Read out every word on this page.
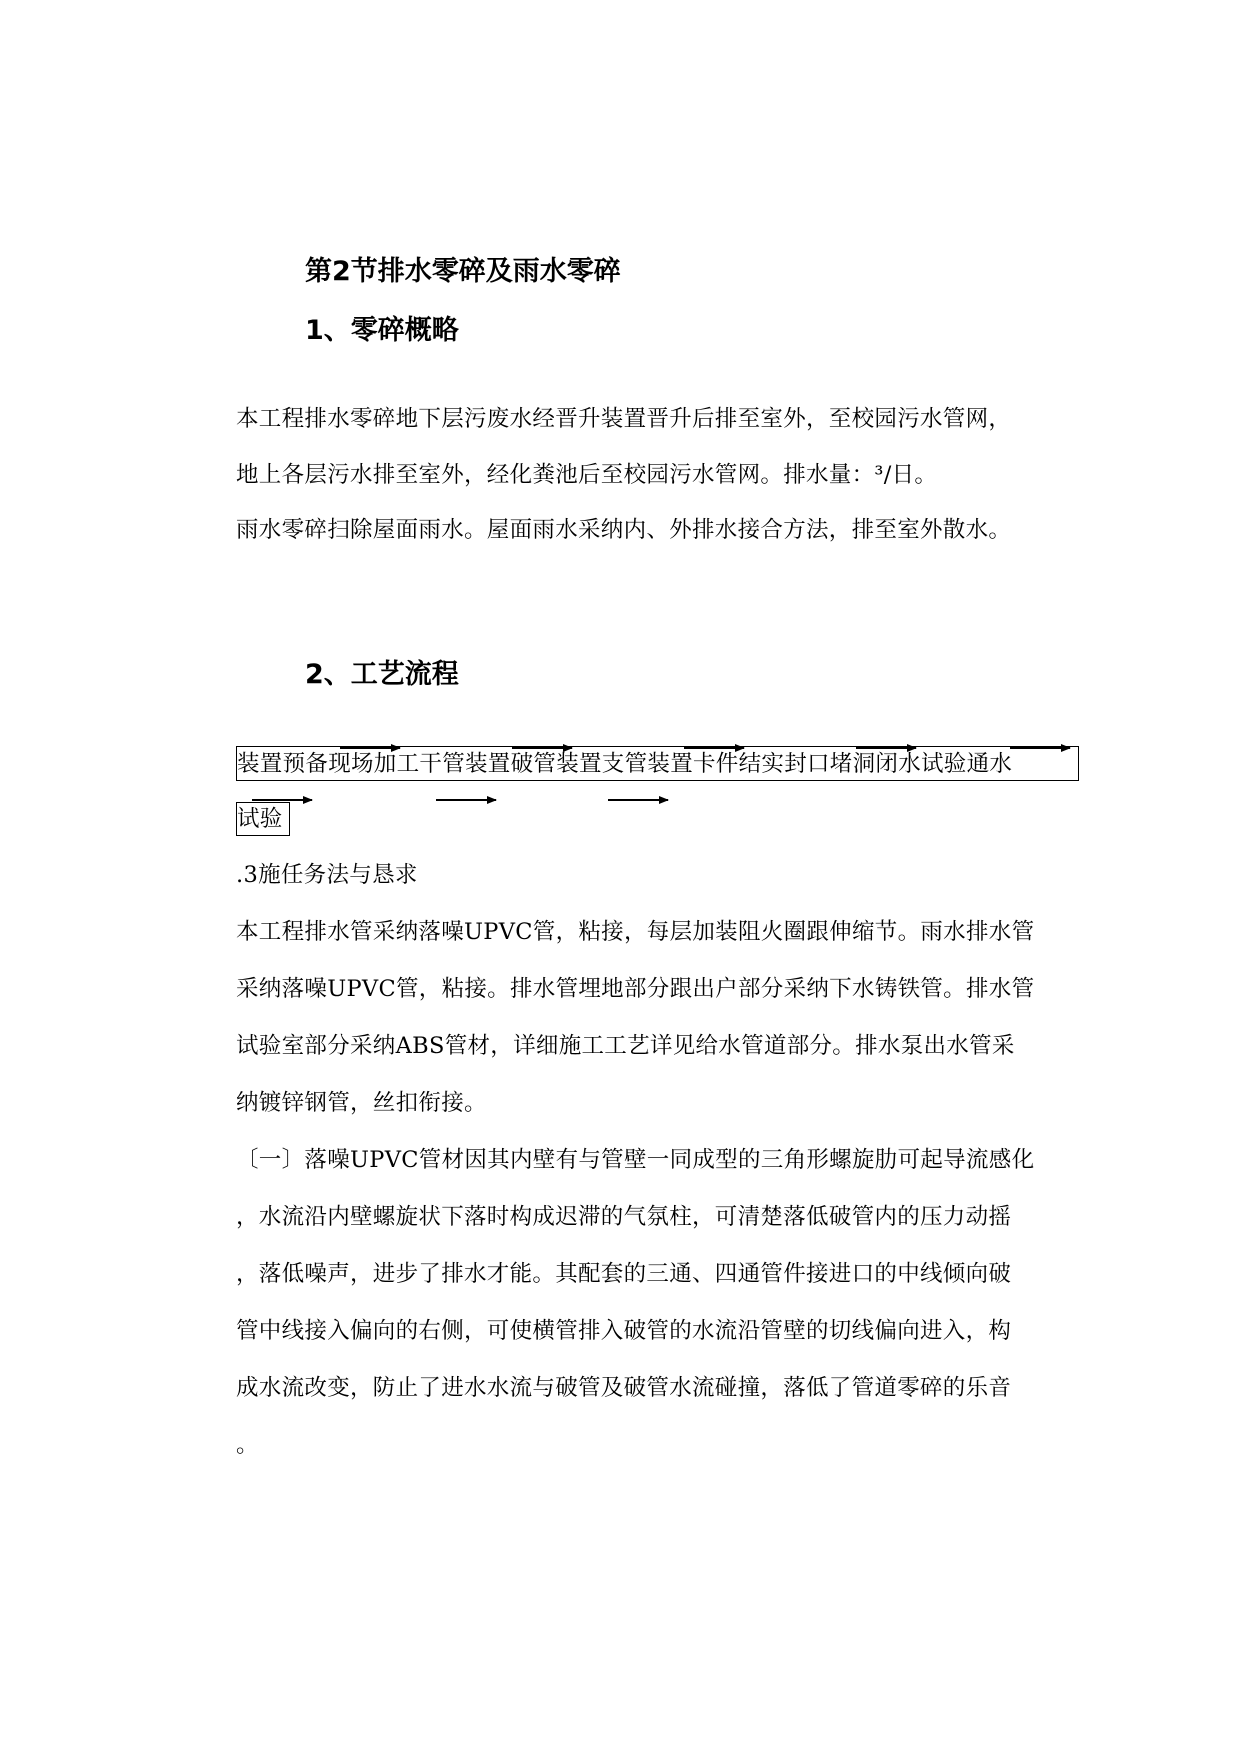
第2节排水零碎及雨水零碎
1、零碎概略
本工程排水零碎地下层污废水经晋升装置晋升后排至室外，至校园污水管网，
地上各层污水排至室外，经化粪池后至校园污水管网。排水量：³/日。
雨水零碎扫除屋面雨水。屋面雨水采纳内、外排水接合方法，排至室外散水。
2、工艺流程
装置预备现场加工干管装置破管装置支管装置卡件结实封口堵洞闭水试验通水
试验
.3施任务法与恳求
本工程排水管采纳落噪UPVC管，粘接，每层加装阻火圈跟伸缩节。雨水排水管
采纳落噪UPVC管，粘接。排水管埋地部分跟出户部分采纳下水铸铁管。排水管
试验室部分采纳ABS管材，详细施工工艺详见给水管道部分。排水泵出水管采
纳镀锌钢管，丝扣衔接。
〔一〕落噪UPVC管材因其内壁有与管壁一同成型的三角形螺旋肋可起导流感化
，水流沿内壁螺旋状下落时构成迟滞的气氛柱，可清楚落低破管内的压力动摇
，落低噪声，进步了排水才能。其配套的三通、四通管件接进口的中线倾向破
管中线接入偏向的右侧，可使横管排入破管的水流沿管壁的切线偏向进入，构
成水流改变，防止了进水水流与破管及破管水流碰撞，落低了管道零碎的乐音
。
